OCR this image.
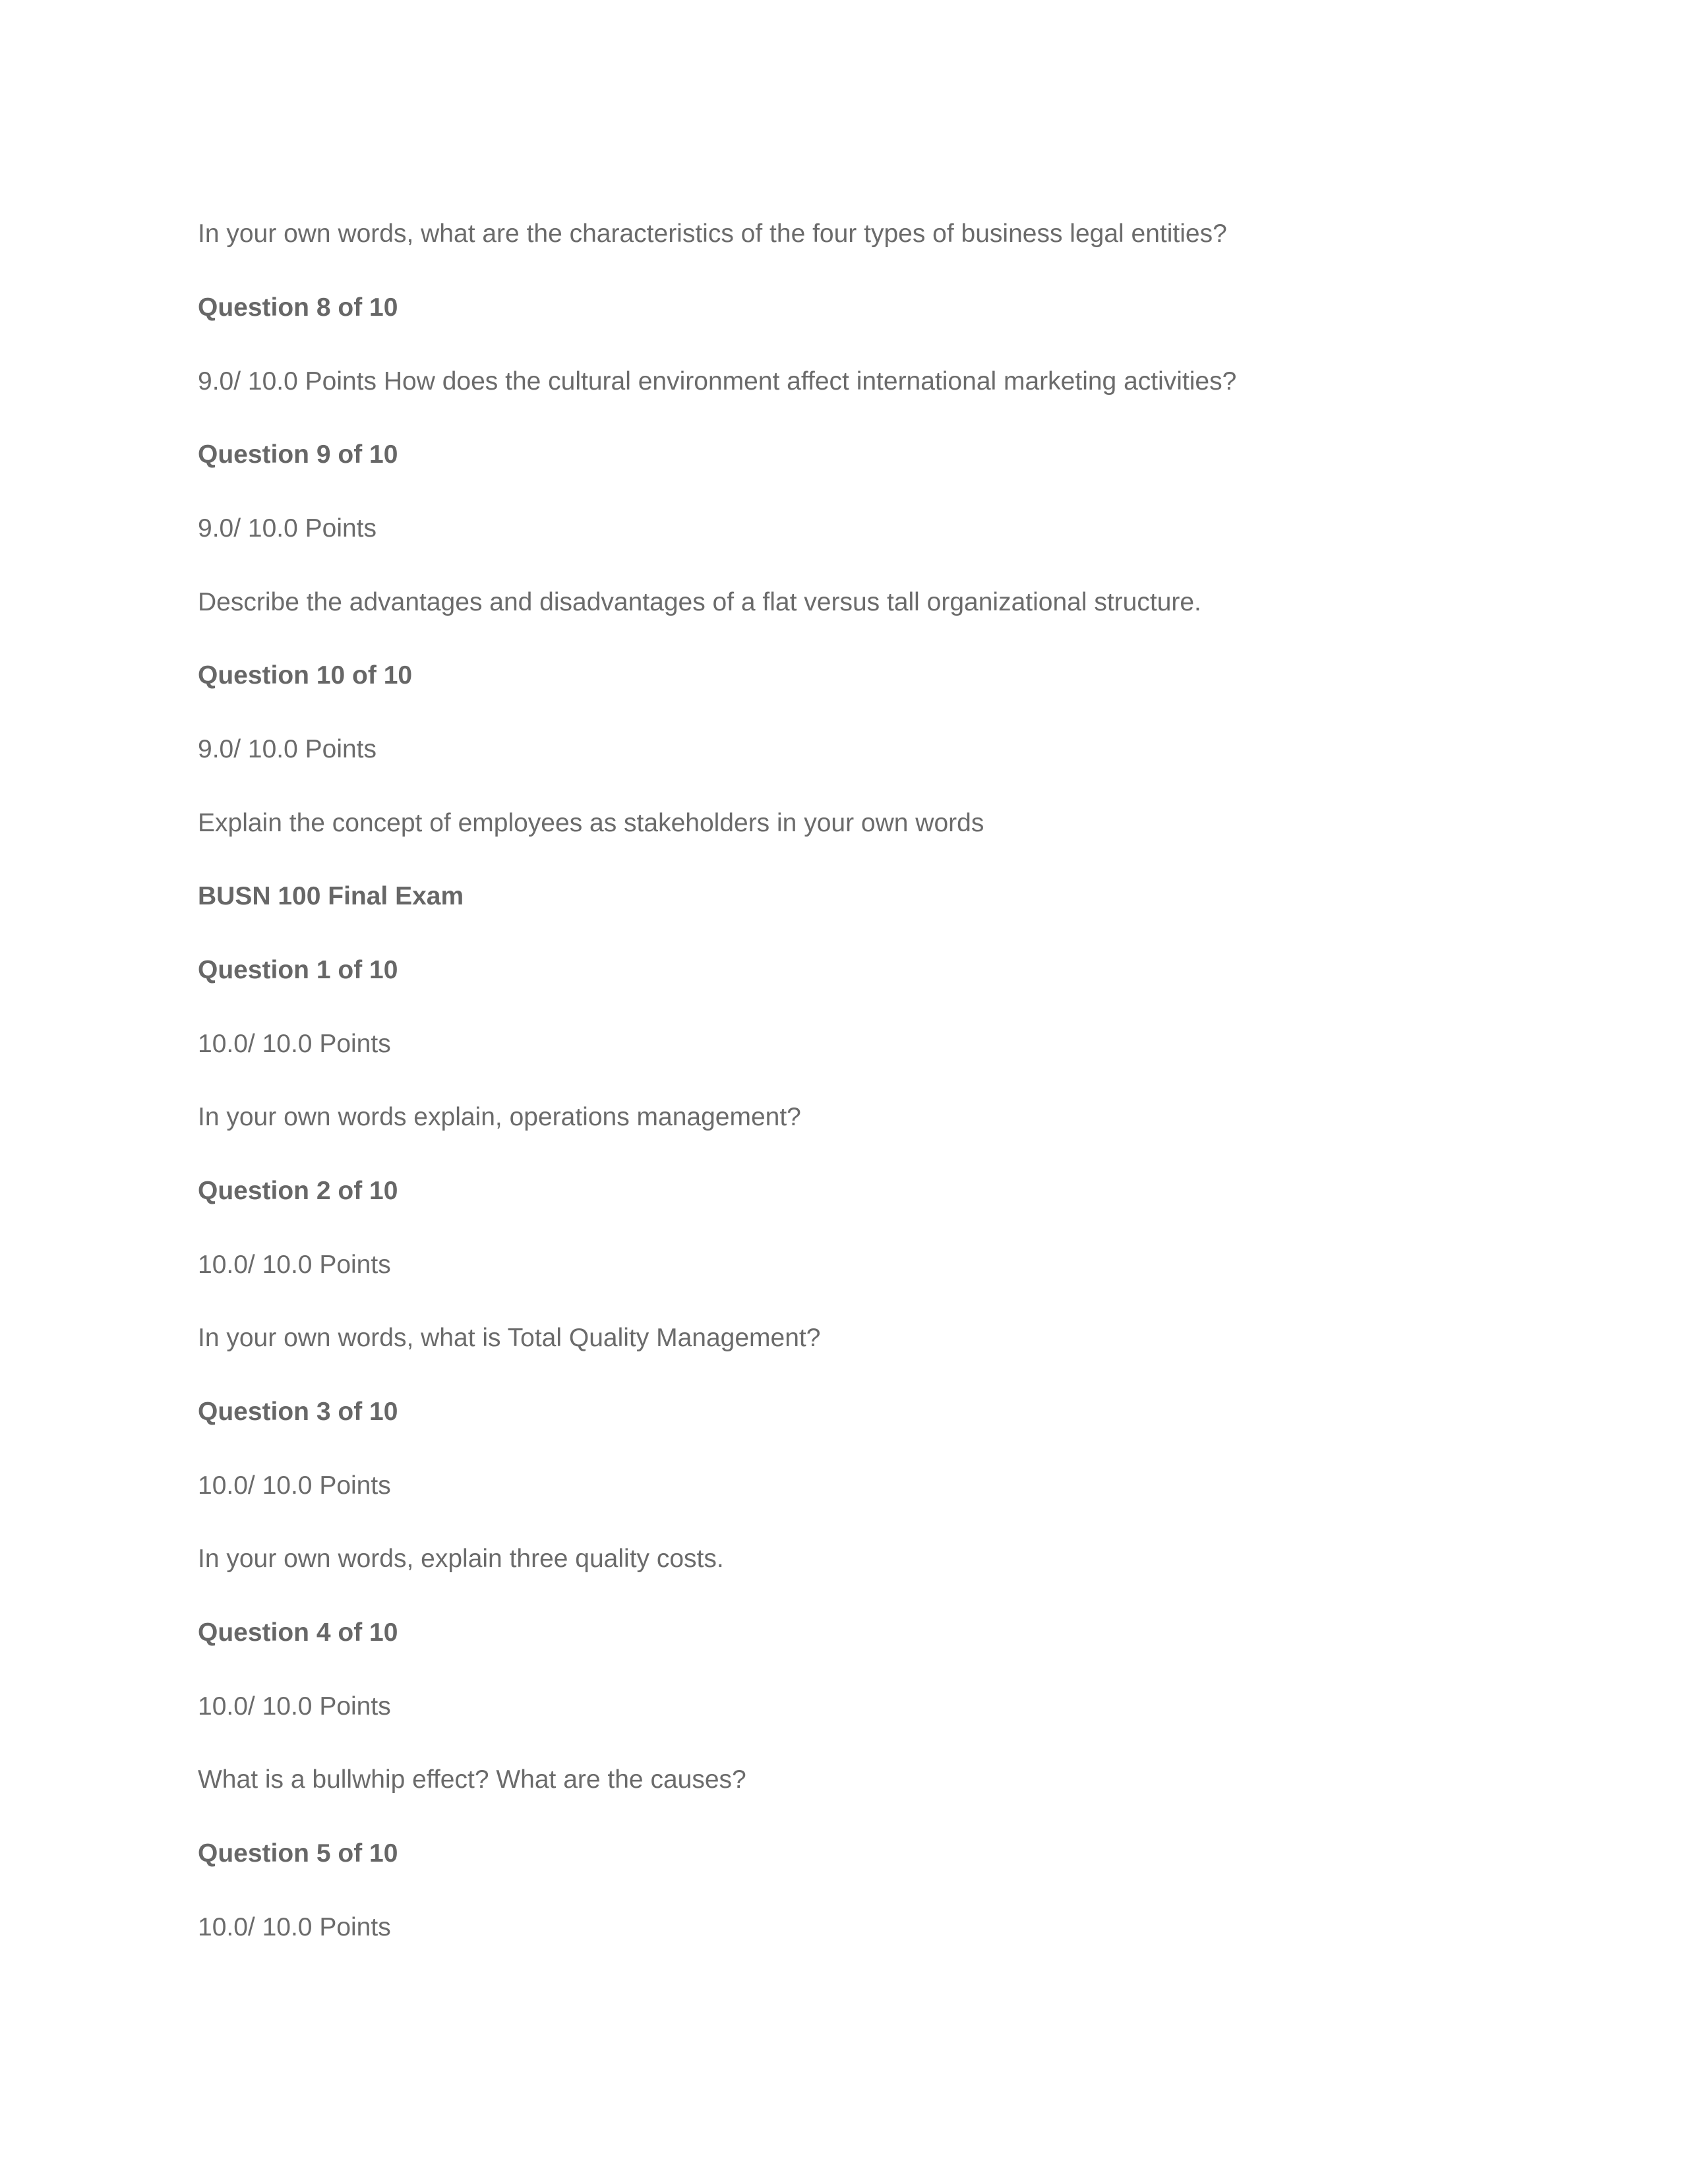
In your own words, what are the characteristics of the four types of business legal entities?
Question 8 of 10
9.0/ 10.0 Points How does the cultural environment affect international marketing activities?
Question 9 of 10
9.0/ 10.0 Points
Describe the advantages and disadvantages of a flat versus tall organizational structure.
Question 10 of 10
9.0/ 10.0 Points
Explain the concept of employees as stakeholders in your own words
BUSN 100 Final Exam
Question 1 of 10
10.0/ 10.0 Points
In your own words explain, operations management?
Question 2 of 10
10.0/ 10.0 Points
In your own words, what is Total Quality Management?
Question 3 of 10
10.0/ 10.0 Points
In your own words, explain three quality costs.
Question 4 of 10
10.0/ 10.0 Points
What is a bullwhip effect? What are the causes?
Question 5 of 10
10.0/ 10.0 Points
